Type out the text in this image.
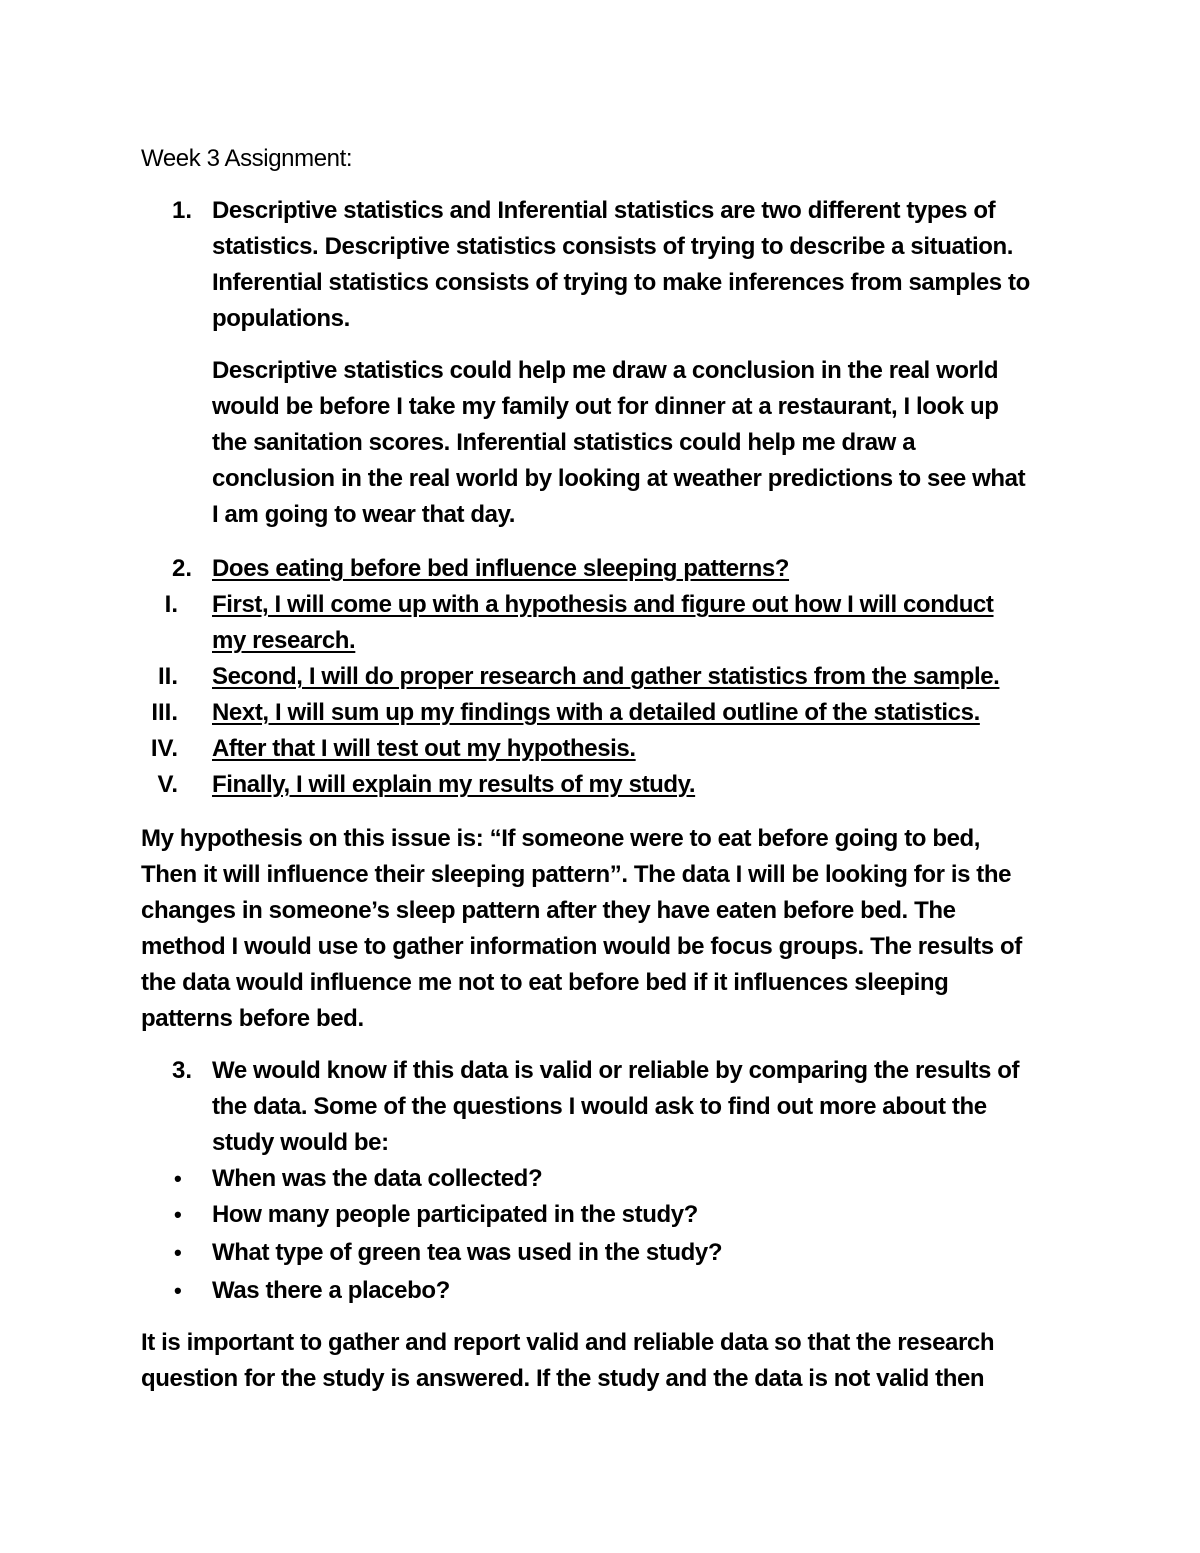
Week 3 Assignment:
1. Descriptive statistics and Inferential statistics are two different types of
statistics. Descriptive statistics consists of trying to describe a situation.
Inferential statistics consists of trying to make inferences from samples to
populations.
Descriptive statistics could help me draw a conclusion in the real world
would be before I take my family out for dinner at a restaurant, I look up
the sanitation scores. Inferential statistics could help me draw a
conclusion in the real world by looking at weather predictions to see what
I am going to wear that day.
2. Does eating before bed influence sleeping patterns?
I. First, I will come up with a hypothesis and figure out how I will conduct
my research.
II. Second, I will do proper research and gather statistics from the sample.
III. Next, I will sum up my findings with a detailed outline of the statistics.
IV. After that I will test out my hypothesis.
V. Finally, I will explain my results of my study.
My hypothesis on this issue is: “If someone were to eat before going to bed,
Then it will influence their sleeping pattern”. The data I will be looking for is the
changes in someone’s sleep pattern after they have eaten before bed. The
method I would use to gather information would be focus groups. The results of
the data would influence me not to eat before bed if it influences sleeping
patterns before bed.
3. We would know if this data is valid or reliable by comparing the results of
the data. Some of the questions I would ask to find out more about the
study would be:
• When was the data collected?
• How many people participated in the study?
• What type of green tea was used in the study?
• Was there a placebo?
It is important to gather and report valid and reliable data so that the research
question for the study is answered. If the study and the data is not valid then
